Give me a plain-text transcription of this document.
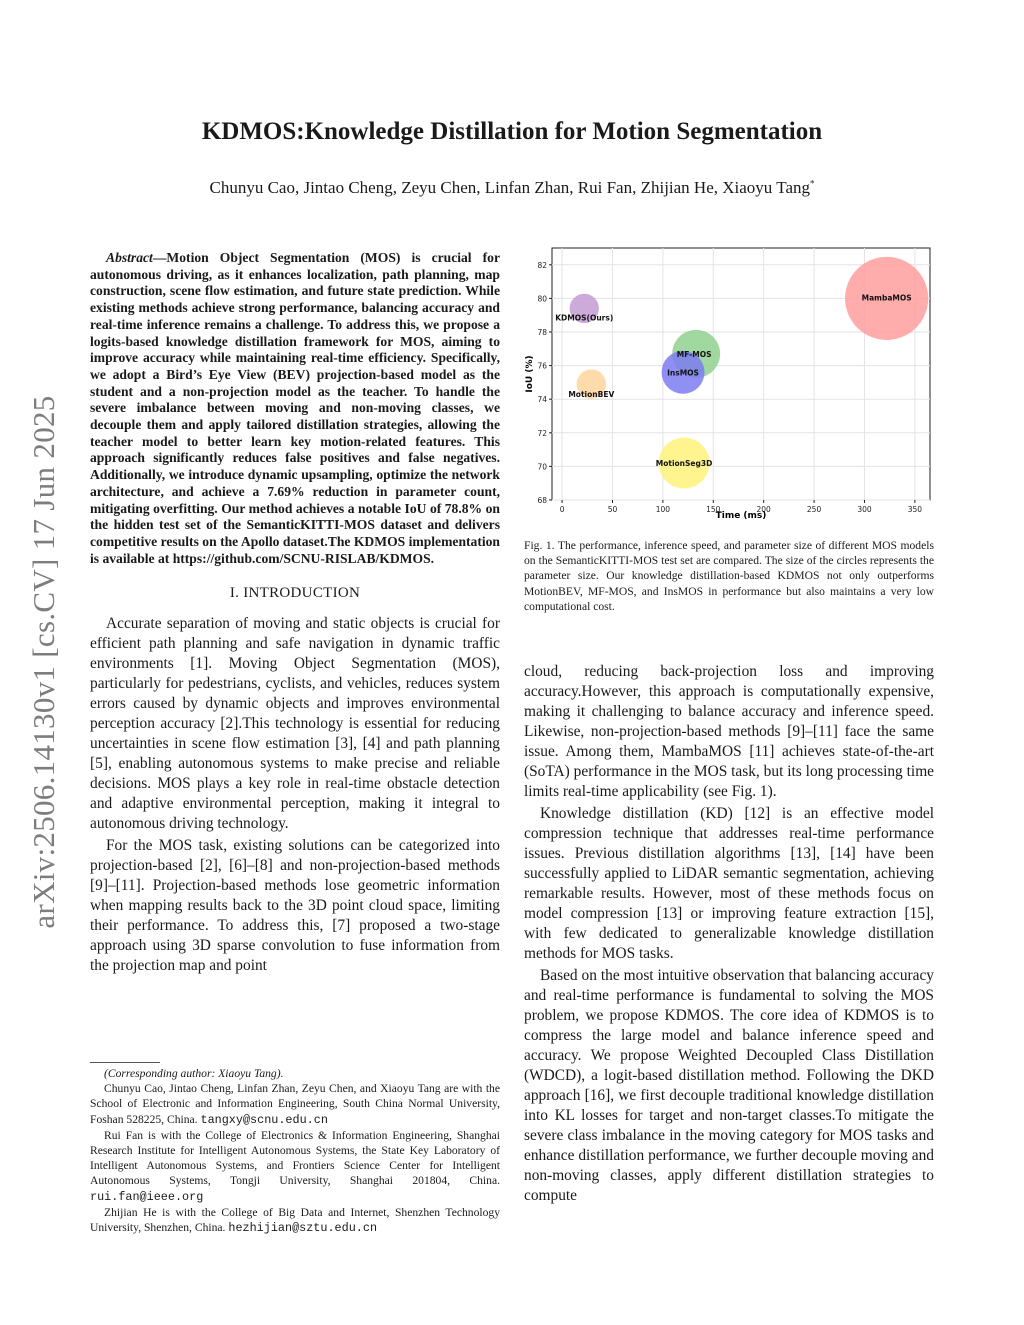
arXiv:2506.14130v1 [cs.CV] 17 Jun 2025
KDMOS:Knowledge Distillation for Motion Segmentation
Chunyu Cao, Jintao Cheng, Zeyu Chen, Linfan Zhan, Rui Fan, Zhijian He, Xiaoyu Tang*
Abstract—Motion Object Segmentation (MOS) is crucial for autonomous driving, as it enhances localization, path planning, map construction, scene flow estimation, and future state prediction. While existing methods achieve strong performance, balancing accuracy and real-time inference remains a challenge. To address this, we propose a logits-based knowledge distillation framework for MOS, aiming to improve accuracy while maintaining real-time efficiency. Specifically, we adopt a Bird’s Eye View (BEV) projection-based model as the student and a non-projection model as the teacher. To handle the severe imbalance between moving and non-moving classes, we decouple them and apply tailored distillation strategies, allowing the teacher model to better learn key motion-related features. This approach significantly reduces false positives and false negatives. Additionally, we introduce dynamic upsampling, optimize the network architecture, and achieve a 7.69% reduction in parameter count, mitigating overfitting. Our method achieves a notable IoU of 78.8% on the hidden test set of the SemanticKITTI-MOS dataset and delivers competitive results on the Apollo dataset.The KDMOS implementation is available at https://github.com/SCNU-RISLAB/KDMOS.
I. INTRODUCTION

Accurate separation of moving and static objects is crucial for efficient path planning and safe navigation in dynamic traffic environments [1]. Moving Object Segmentation (MOS), particularly for pedestrians, cyclists, and vehicles, reduces system errors caused by dynamic objects and improves environmental perception accuracy [2].This technology is essential for reducing uncertainties in scene flow estimation [3], [4] and path planning [5], enabling autonomous systems to make precise and reliable decisions. MOS plays a key role in real-time obstacle detection and adaptive environmental perception, making it integral to autonomous driving technology.

For the MOS task, existing solutions can be categorized into projection-based [2], [6]–[8] and non-projection-based methods [9]–[11]. Projection-based methods lose geometric information when mapping results back to the 3D point cloud space, limiting their performance. To address this, [7] proposed a two-stage approach using 3D sparse convolution to fuse information from the projection map and point

(Corresponding author: Xiaoyu Tang).

Chunyu Cao, Jintao Cheng, Linfan Zhan, Zeyu Chen, and Xiaoyu Tang are with the School of Electronic and Information Engineering, South China Normal University, Foshan 528225, China. tangxy@scnu.edu.cn

Rui Fan is with the College of Electronics & Information Engineering, Shanghai Research Institute for Intelligent Autonomous Systems, the State Key Laboratory of Intelligent Autonomous Systems, and Frontiers Science Center for Intelligent Autonomous Systems, Tongji University, Shanghai 201804, China. rui.fan@ieee.org

Zhijian He is with the College of Big Data and Internet, Shenzhen Technology University, Shenzhen, China. hezhijian@sztu.edu.cn

0	50	100	150	200	250	300	350
68
70
72
74
76
78
80
82
KDMOS(Ours)
MambaMOS
MF-MOS
InsMOS
MotionBEV
MotionSeg3D
Time (ms)
IoU (%)
Fig. 1. The performance, inference speed, and parameter size of different MOS models on the SemanticKITTI-MOS test set are compared. The size of the circles represents the parameter size. Our knowledge distillation-based KDMOS not only outperforms MotionBEV, MF-MOS, and InsMOS in performance but also maintains a very low computational cost.

cloud, reducing back-projection loss and improving accuracy.However, this approach is computationally expensive, making it challenging to balance accuracy and inference speed. Likewise, non-projection-based methods [9]–[11] face the same issue. Among them, MambaMOS [11] achieves state-of-the-art (SoTA) performance in the MOS task, but its long processing time limits real-time applicability (see Fig. 1).

Knowledge distillation (KD) [12] is an effective model compression technique that addresses real-time performance issues. Previous distillation algorithms [13], [14] have been successfully applied to LiDAR semantic segmentation, achieving remarkable results. However, most of these methods focus on model compression [13] or improving feature extraction [15], with few dedicated to generalizable knowledge distillation methods for MOS tasks.

Based on the most intuitive observation that balancing accuracy and real-time performance is fundamental to solving the MOS problem, we propose KDMOS. The core idea of KDMOS is to compress the large model and balance inference speed and accuracy. We propose Weighted Decoupled Class Distillation (WDCD), a logit-based distillation method. Following the DKD approach [16], we first decouple traditional knowledge distillation into KL losses for target and non-target classes.To mitigate the severe class imbalance in the moving category for MOS tasks and enhance distillation performance, we further decouple moving and non-moving classes, apply different distillation strategies to compute
